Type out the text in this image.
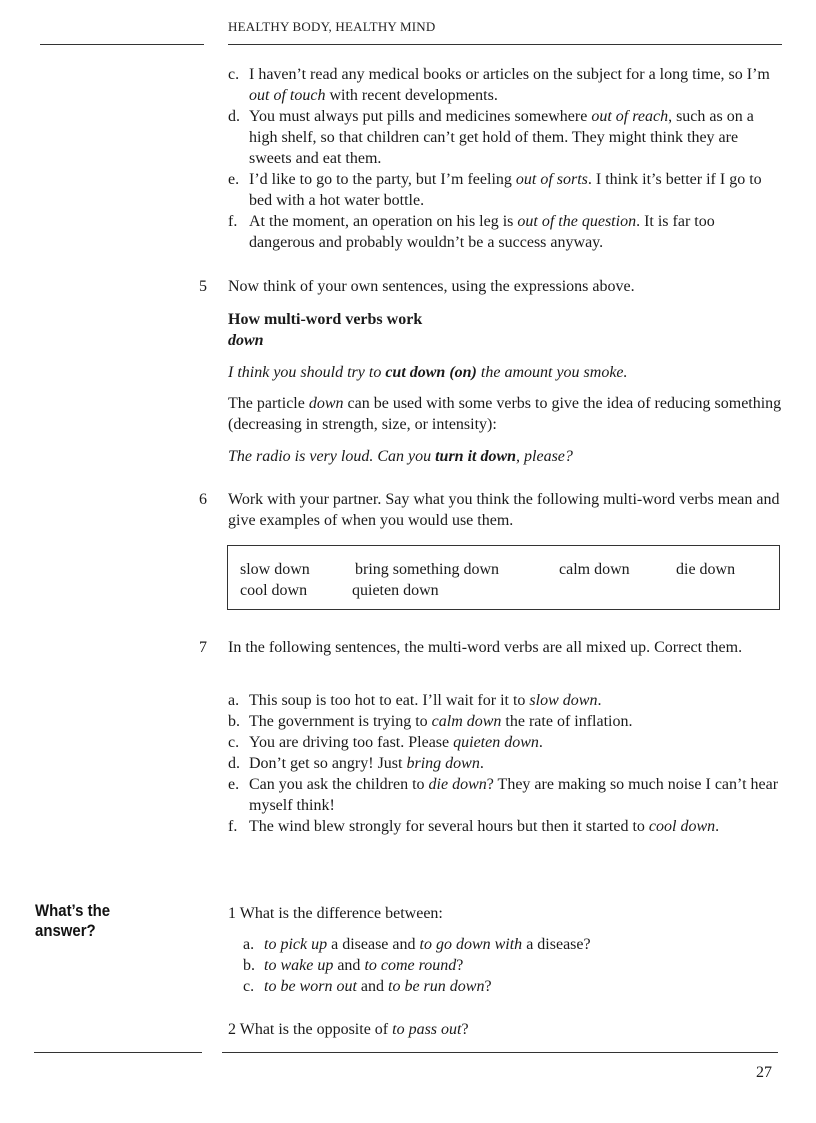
HEALTHY BODY, HEALTHY MIND
c. I haven’t read any medical books or articles on the subject for a long time, so I’m out of touch with recent developments.
d. You must always put pills and medicines somewhere out of reach, such as on a high shelf, so that children can’t get hold of them. They might think they are sweets and eat them.
e. I’d like to go to the party, but I’m feeling out of sorts. I think it’s better if I go to bed with a hot water bottle.
f. At the moment, an operation on his leg is out of the question. It is far too dangerous and probably wouldn’t be a success anyway.
5 Now think of your own sentences, using the expressions above.
How multi-word verbs work
down
I think you should try to cut down (on) the amount you smoke.
The particle down can be used with some verbs to give the idea of reducing something (decreasing in strength, size, or intensity):
The radio is very loud. Can you turn it down, please?
6 Work with your partner. Say what you think the following multi-word verbs mean and give examples of when you would use them.
slow down	bring something down	calm down	die down
cool down	quieten down
7 In the following sentences, the multi-word verbs are all mixed up. Correct them.
a. This soup is too hot to eat. I’ll wait for it to slow down.
b. The government is trying to calm down the rate of inflation.
c. You are driving too fast. Please quieten down.
d. Don’t get so angry! Just bring down.
e. Can you ask the children to die down? They are making so much noise I can’t hear myself think!
f. The wind blew strongly for several hours but then it started to cool down.
What’s the answer?
1 What is the difference between:
a. to pick up a disease and to go down with a disease?
b. to wake up and to come round?
c. to be worn out and to be run down?
2 What is the opposite of to pass out?
27
